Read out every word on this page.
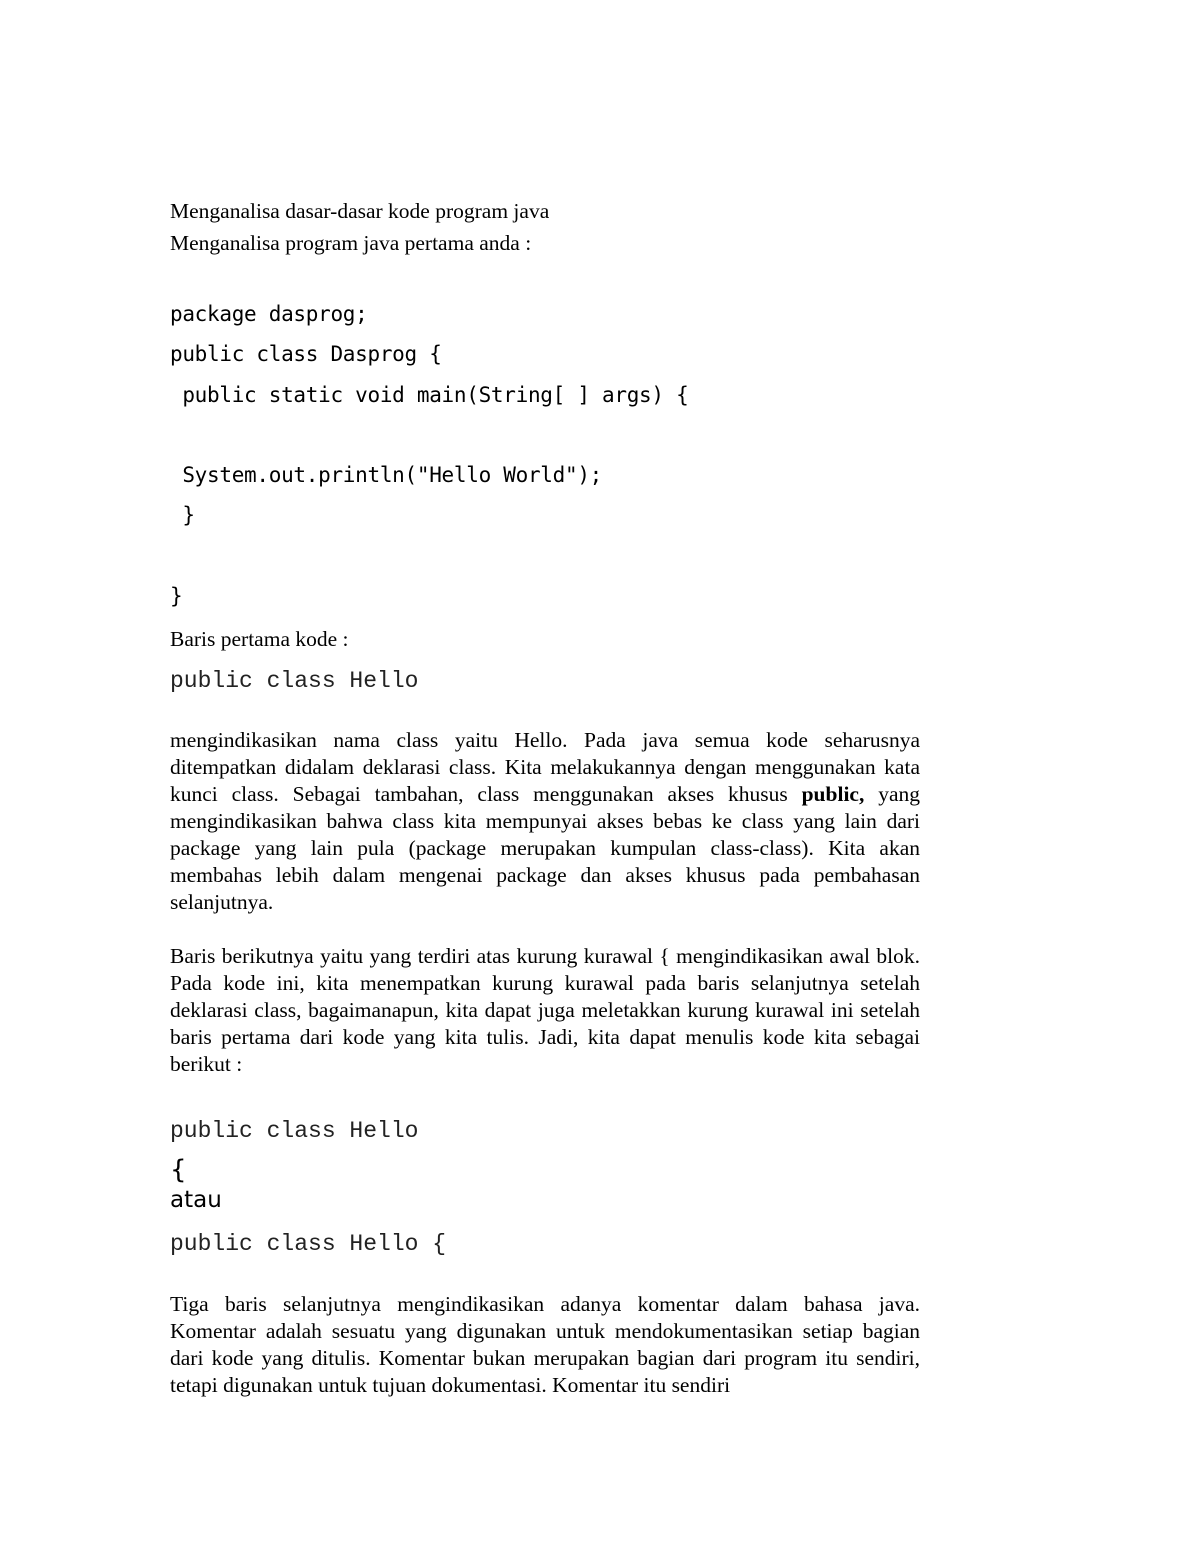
Menganalisa dasar-dasar kode program java

Menganalisa program java pertama anda :

package dasprog;

public class Dasprog {

public static void main(String[ ] args) {

System.out.println("Hello World");

}

}

Baris pertama kode :

public class Hello

mengindikasikan nama class yaitu Hello. Pada java semua kode seharusnya ditempatkan didalam deklarasi class. Kita melakukannya dengan menggunakan kata kunci class. Sebagai tambahan, class menggunakan akses khusus public, yang mengindikasikan bahwa class kita mempunyai akses bebas ke class yang lain dari package yang lain pula (package merupakan kumpulan class-class). Kita akan membahas lebih dalam mengenai package dan akses khusus pada pembahasan selanjutnya.

Baris berikutnya yaitu yang terdiri atas kurung kurawal { mengindikasikan awal blok. Pada kode ini, kita menempatkan kurung kurawal pada baris selanjutnya setelah deklarasi class, bagaimanapun, kita dapat juga meletakkan kurung kurawal ini setelah baris pertama dari kode yang kita tulis. Jadi, kita dapat menulis kode kita sebagai berikut :

public class Hello

{

atau

public class Hello {

Tiga baris selanjutnya mengindikasikan adanya komentar dalam bahasa java. Komentar adalah sesuatu yang digunakan untuk mendokumentasikan setiap bagian dari kode yang ditulis. Komentar bukan merupakan bagian dari program itu sendiri, tetapi digunakan untuk tujuan dokumentasi. Komentar itu sendiri
